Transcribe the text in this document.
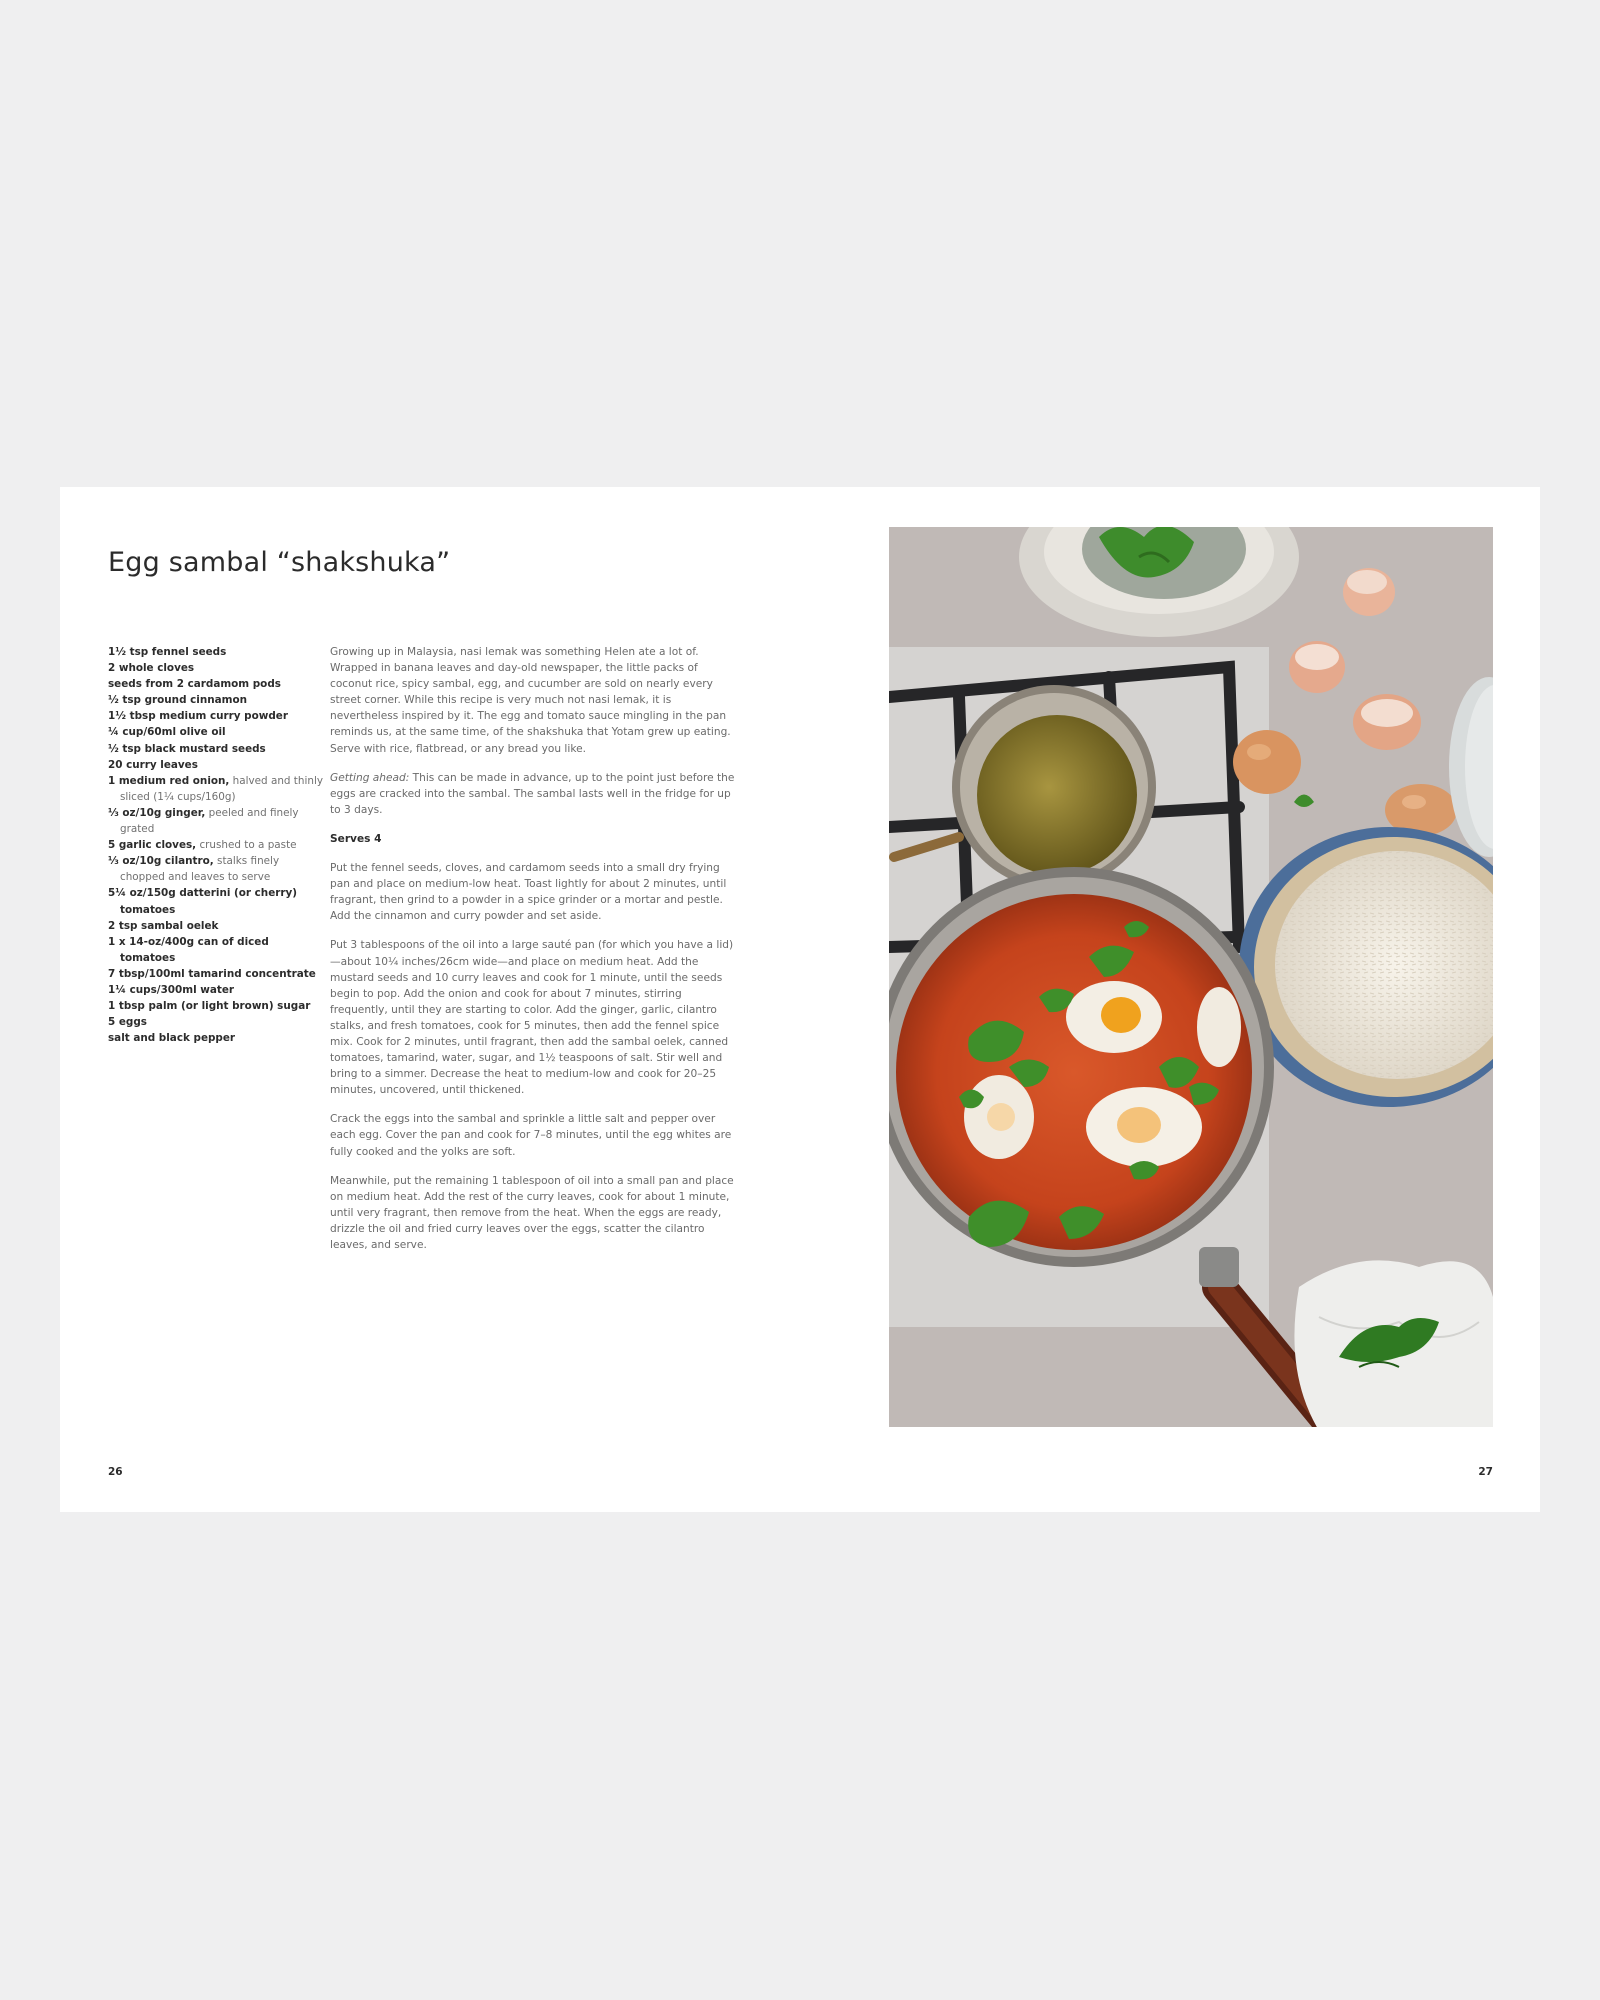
Egg sambal “shakshuka”
1½ tsp fennel seeds
2 whole cloves
seeds from 2 cardamom pods
½ tsp ground cinnamon
1½ tbsp medium curry powder
¼ cup/60ml olive oil
½ tsp black mustard seeds
20 curry leaves
1 medium red onion, halved and thinly sliced (1¼ cups/160g)
⅓ oz/10g ginger, peeled and finely grated
5 garlic cloves, crushed to a paste
⅓ oz/10g cilantro, stalks finely chopped and leaves to serve
5¼ oz/150g datterini (or cherry) tomatoes
2 tsp sambal oelek
1 x 14-oz/400g can of diced tomatoes
7 tbsp/100ml tamarind concentrate
1¼ cups/300ml water
1 tbsp palm (or light brown) sugar
5 eggs
salt and black pepper

Growing up in Malaysia, nasi lemak was something Helen ate a lot of. Wrapped in banana leaves and day-old newspaper, the little packs of coconut rice, spicy sambal, egg, and cucumber are sold on nearly every street corner. While this recipe is very much not nasi lemak, it is nevertheless inspired by it. The egg and tomato sauce mingling in the pan reminds us, at the same time, of the shakshuka that Yotam grew up eating. Serve with rice, flatbread, or any bread you like.

Getting ahead: This can be made in advance, up to the point just before the eggs are cracked into the sambal. The sambal lasts well in the fridge for up to 3 days.

Serves 4

Put the fennel seeds, cloves, and cardamom seeds into a small dry frying pan and place on medium-low heat. Toast lightly for about 2 minutes, until fragrant, then grind to a powder in a spice grinder or a mortar and pestle. Add the cinnamon and curry powder and set aside.

Put 3 tablespoons of the oil into a large sauté pan (for which you have a lid)—about 10¼ inches/26cm wide—and place on medium heat. Add the mustard seeds and 10 curry leaves and cook for 1 minute, until the seeds begin to pop. Add the onion and cook for about 7 minutes, stirring frequently, until they are starting to color. Add the ginger, garlic, cilantro stalks, and fresh tomatoes, cook for 5 minutes, then add the fennel spice mix. Cook for 2 minutes, until fragrant, then add the sambal oelek, canned tomatoes, tamarind, water, sugar, and 1½ teaspoons of salt. Stir well and bring to a simmer. Decrease the heat to medium-low and cook for 20–25 minutes, uncovered, until thickened.

Crack the eggs into the sambal and sprinkle a little salt and pepper over each egg. Cover the pan and cook for 7–8 minutes, until the egg whites are fully cooked and the yolks are soft.

Meanwhile, put the remaining 1 tablespoon of oil into a small pan and place on medium heat. Add the rest of the curry leaves, cook for about 1 minute, until very fragrant, then remove from the heat. When the eggs are ready, drizzle the oil and fried curry leaves over the eggs, scatter the cilantro leaves, and serve.

26	27
